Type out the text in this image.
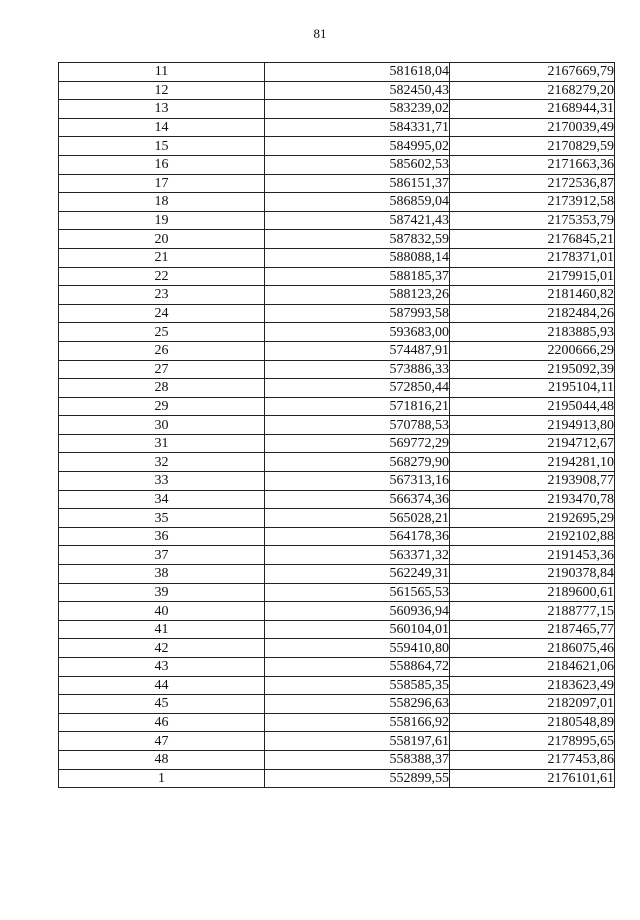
81
11	581618,04	2167669,79
12	582450,43	2168279,20
13	583239,02	2168944,31
14	584331,71	2170039,49
15	584995,02	2170829,59
16	585602,53	2171663,36
17	586151,37	2172536,87
18	586859,04	2173912,58
19	587421,43	2175353,79
20	587832,59	2176845,21
21	588088,14	2178371,01
22	588185,37	2179915,01
23	588123,26	2181460,82
24	587993,58	2182484,26
25	593683,00	2183885,93
26	574487,91	2200666,29
27	573886,33	2195092,39
28	572850,44	2195104,11
29	571816,21	2195044,48
30	570788,53	2194913,80
31	569772,29	2194712,67
32	568279,90	2194281,10
33	567313,16	2193908,77
34	566374,36	2193470,78
35	565028,21	2192695,29
36	564178,36	2192102,88
37	563371,32	2191453,36
38	562249,31	2190378,84
39	561565,53	2189600,61
40	560936,94	2188777,15
41	560104,01	2187465,77
42	559410,80	2186075,46
43	558864,72	2184621,06
44	558585,35	2183623,49
45	558296,63	2182097,01
46	558166,92	2180548,89
47	558197,61	2178995,65
48	558388,37	2177453,86
1	552899,55	2176101,61
